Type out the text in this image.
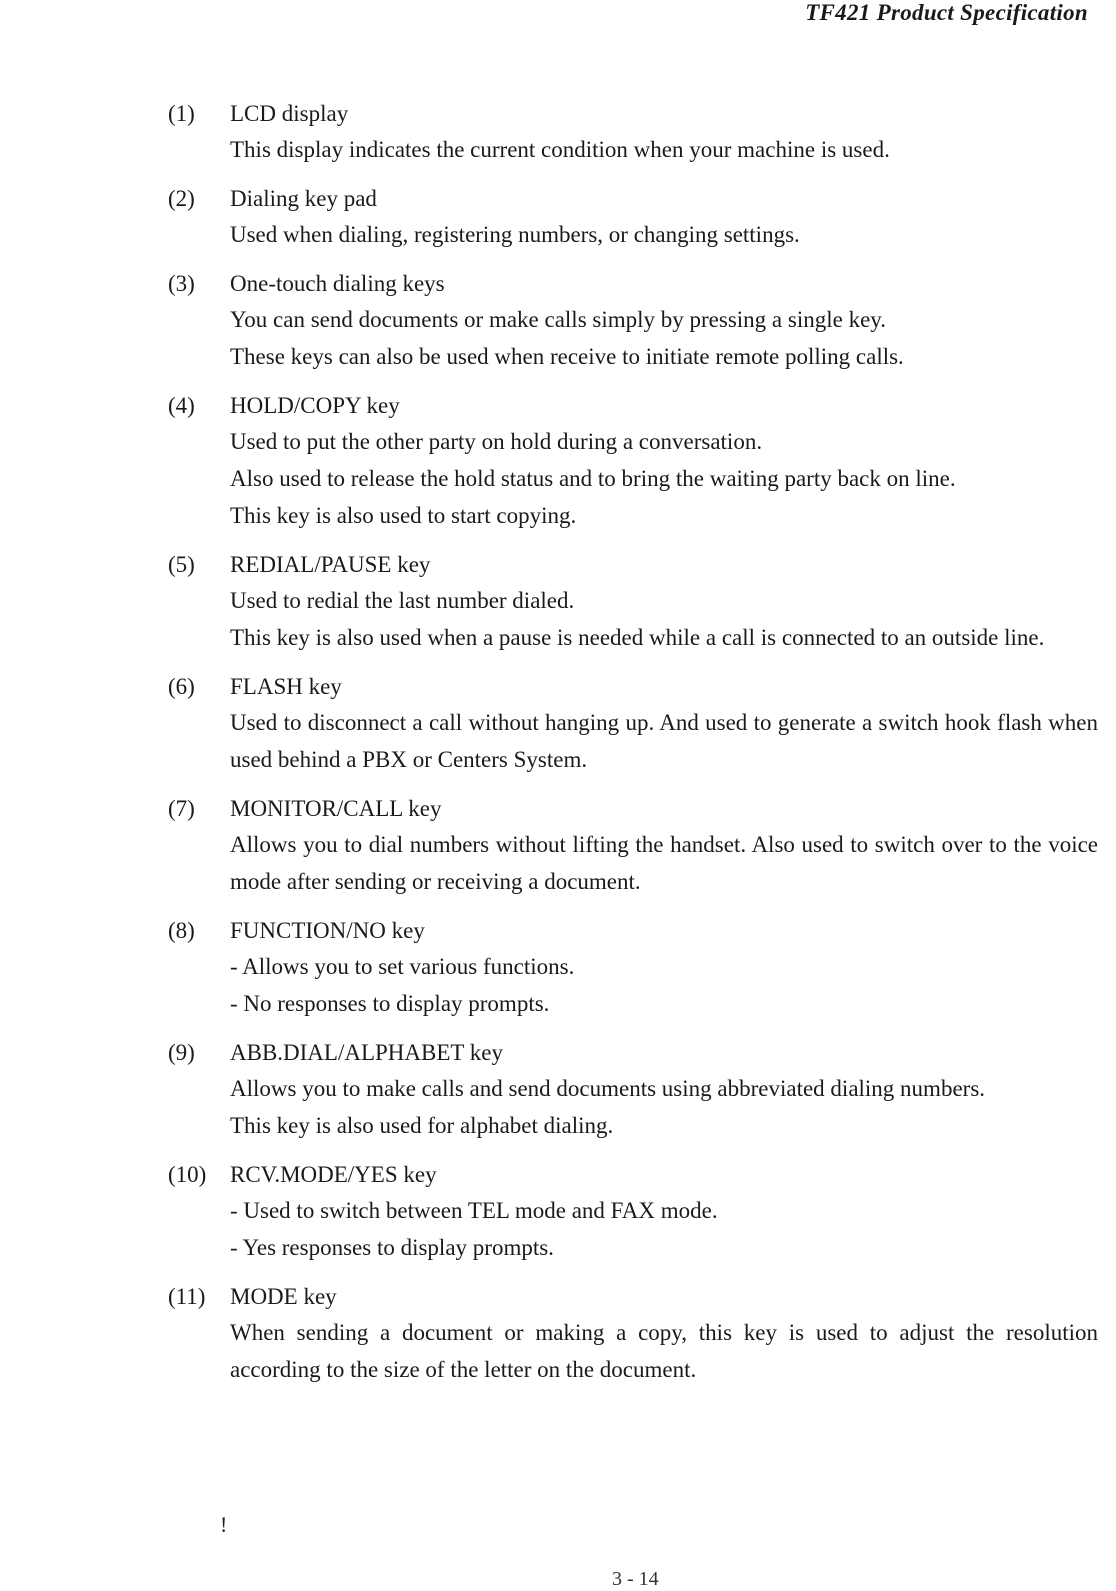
TF421 Product Specification
(1)	LCD display
This display indicates the current condition when your machine is used.
(2)	Dialing key pad
Used when dialing, registering numbers, or changing settings.
(3)	One-touch dialing keys
You can send documents or make calls simply by pressing a single key.
These keys can also be used when receive to initiate remote polling calls.
(4)	HOLD/COPY key
Used to put the other party on hold during a conversation.
Also used to release the hold status and to bring the waiting party back on line.
This key is also used to start copying.
(5)	REDIAL/PAUSE key
Used to redial the last number dialed.
This key is also used when a pause is needed while a call is connected to an outside line.
(6)	FLASH key
Used to disconnect a call without hanging up. And used to generate a switch hook flash when used behind a PBX or Centers System.
(7)	MONITOR/CALL key
Allows you to dial numbers without lifting the handset. Also used to switch over to the voice mode after sending or receiving a document.
(8)	FUNCTION/NO key
- Allows you to set various functions.
- No responses to display prompts.
(9)	ABB.DIAL/ALPHABET key
Allows you to make calls and send documents using abbreviated dialing numbers.
This key is also used for alphabet dialing.
(10)	RCV.MODE/YES key
- Used to switch between TEL mode and FAX mode.
- Yes responses to display prompts.
(11)	MODE key
When sending a document or making a copy, this key is used to adjust the resolution according to the size of the letter on the document.
!
3 - 14
